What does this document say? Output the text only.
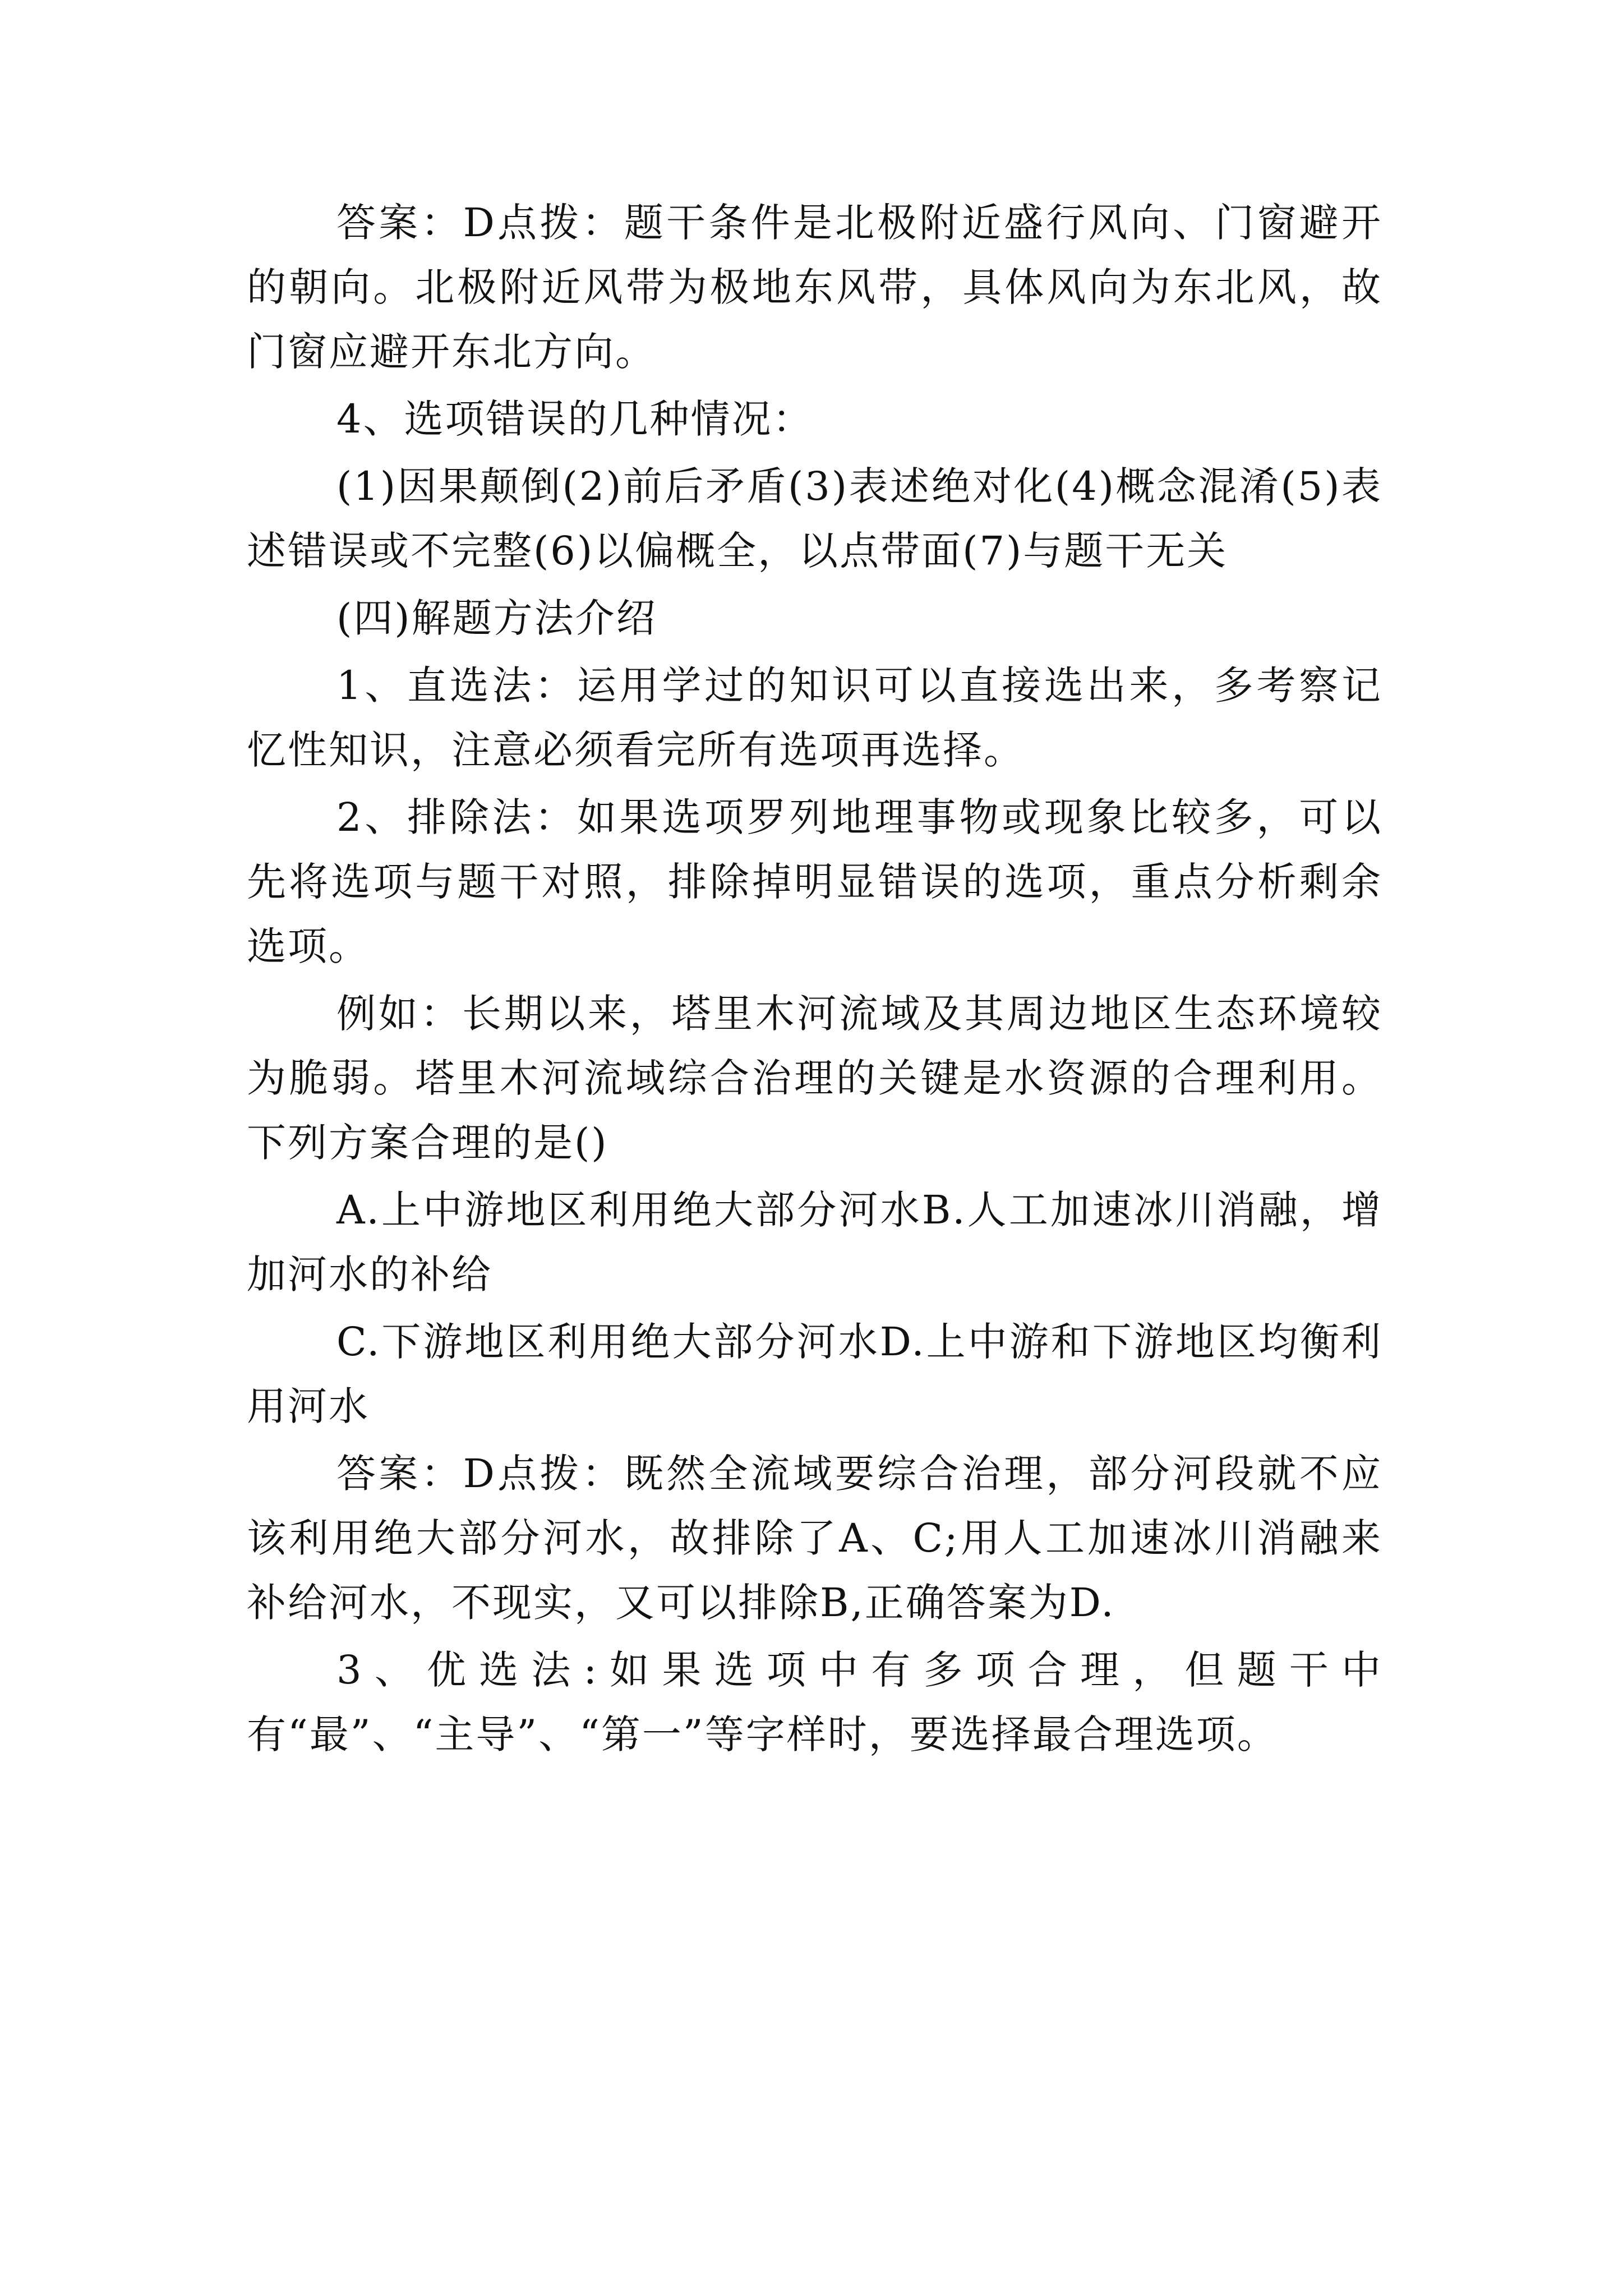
答案：D点拨：题干条件是北极附近盛行风向、门窗避开的朝向。北极附近风带为极地东风带，具体风向为东北风，故门窗应避开东北方向。

4、选项错误的几种情况：

(1)因果颠倒(2)前后矛盾(3)表述绝对化(4)概念混淆(5)表述错误或不完整(6)以偏概全，以点带面(7)与题干无关

(四)解题方法介绍

1、直选法：运用学过的知识可以直接选出来，多考察记忆性知识，注意必须看完所有选项再选择。

2、排除法：如果选项罗列地理事物或现象比较多，可以先将选项与题干对照，排除掉明显错误的选项，重点分析剩余选项。

例如：长期以来，塔里木河流域及其周边地区生态环境较为脆弱。塔里木河流域综合治理的关键是水资源的合理利用。下列方案合理的是()

A.上中游地区利用绝大部分河水B.人工加速冰川消融，增加河水的补给

C.下游地区利用绝大部分河水D.上中游和下游地区均衡利用河水

答案：D点拨：既然全流域要综合治理，部分河段就不应该利用绝大部分河水，故排除了A、C;用人工加速冰川消融来补给河水，不现实，又可以排除B,正确答案为D.

3、优选法:如果选项中有多项合理，但题干中有“最”、“主导”、“第一”等字样时，要选择最合理选项。
